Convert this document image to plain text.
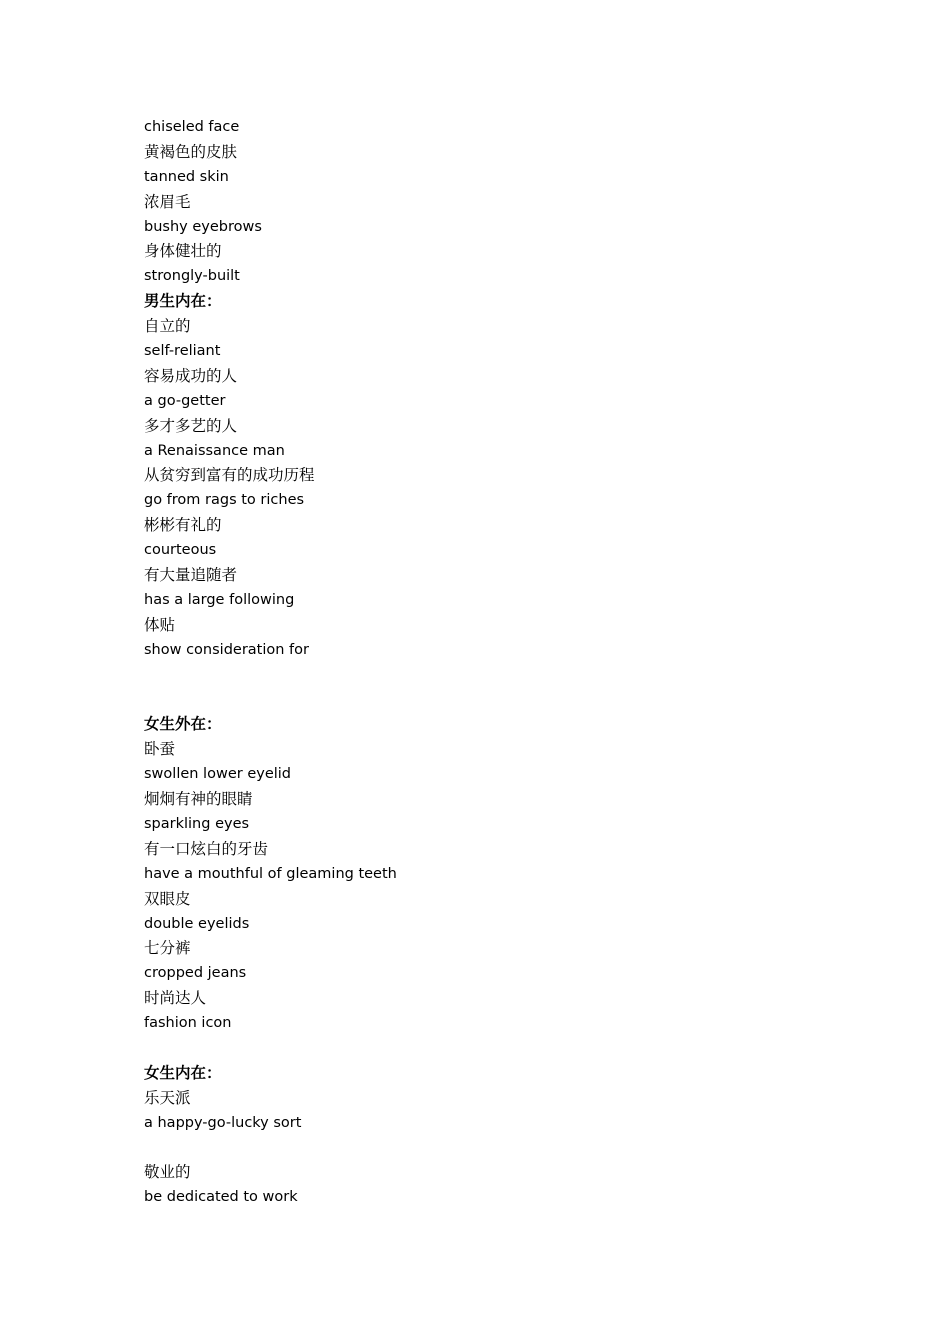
chiseled face
黄褐色的皮肤
tanned skin
浓眉毛
bushy eyebrows
身体健壮的
strongly-built
男生内在：
自立的
self-reliant
容易成功的人
a go-getter
多才多艺的人
a Renaissance man
从贫穷到富有的成功历程
go from rags to riches
彬彬有礼的
courteous
有大量追随者
has a large following
体贴
show consideration for
女生外在：
卧蚕
swollen lower eyelid
炯炯有神的眼睛
sparkling eyes
有一口炫白的牙齿
have a mouthful of gleaming teeth
双眼皮
double eyelids
七分裤
cropped jeans
时尚达人
fashion icon
女生内在：
乐天派
a happy-go-lucky sort
敬业的
be dedicated to work
